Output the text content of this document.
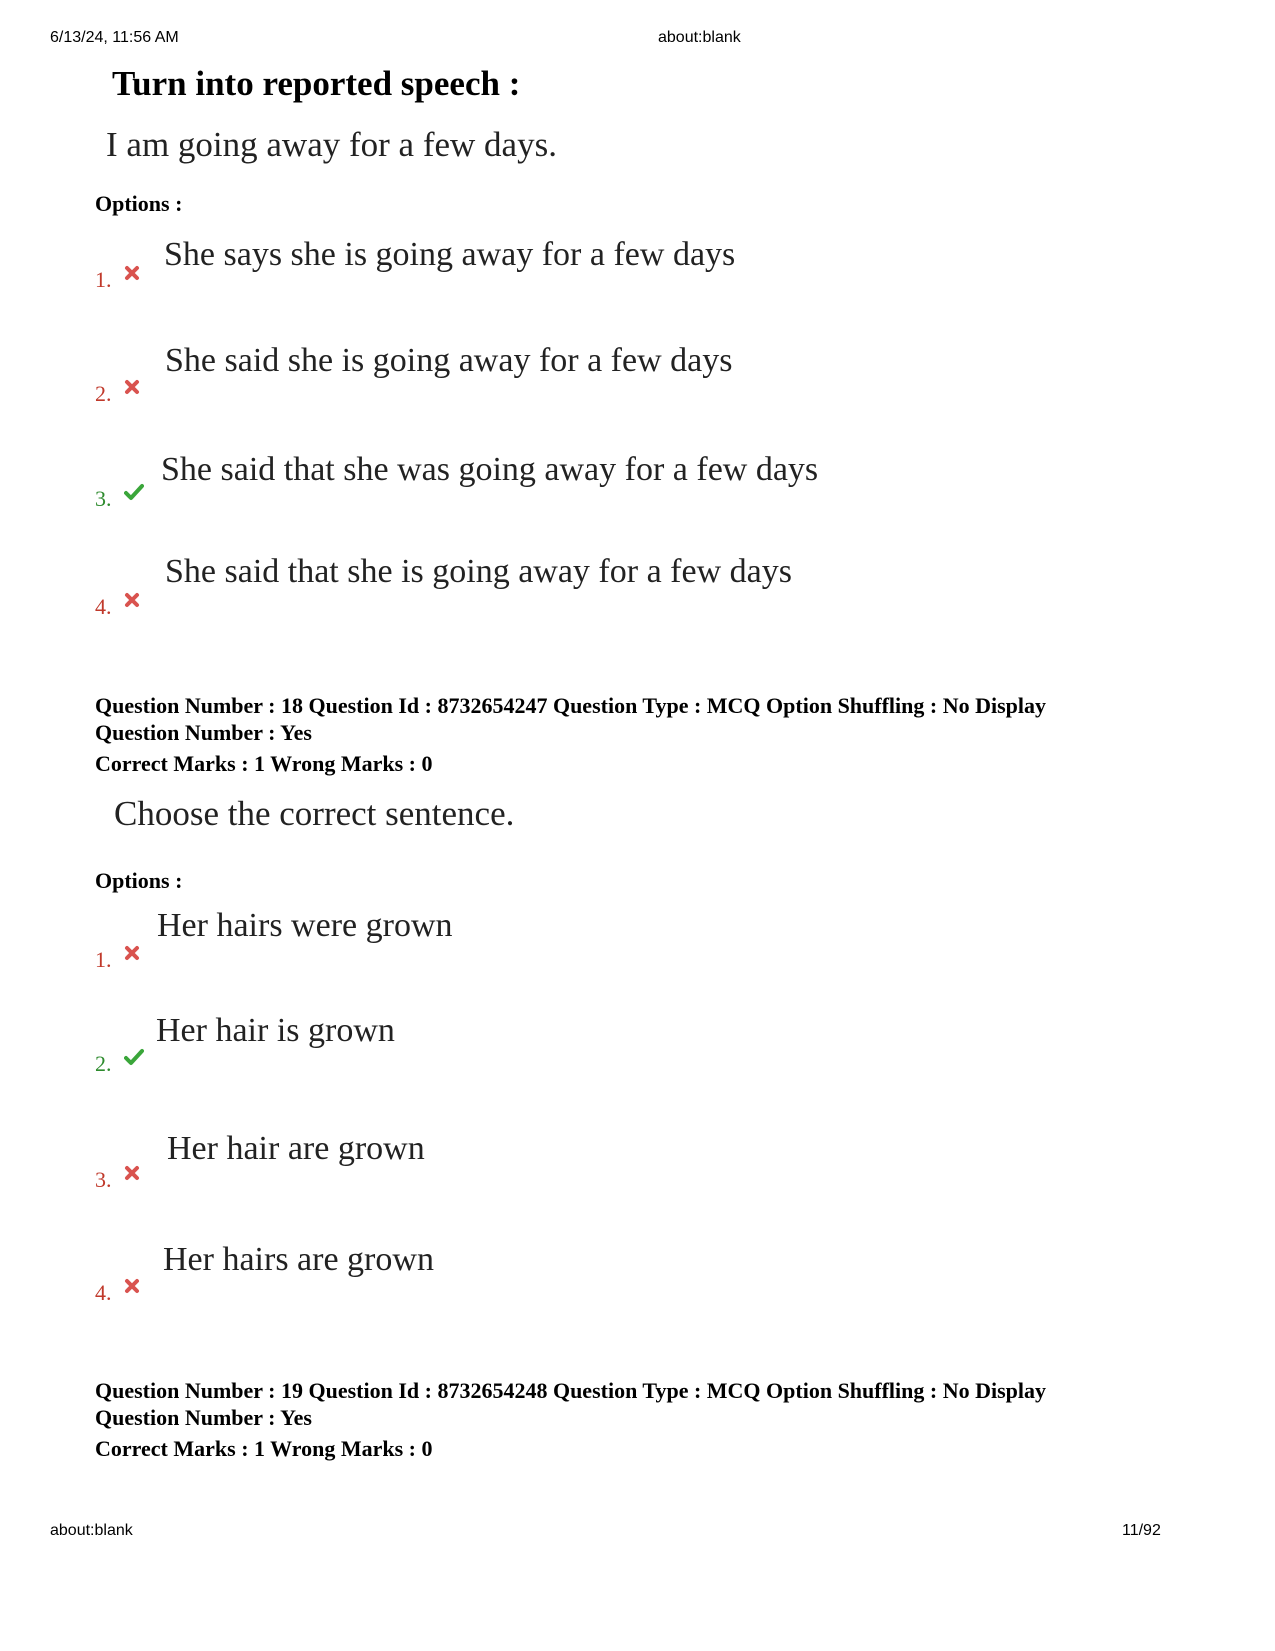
6/13/24, 11:56 AM	about:blank
Turn into reported speech :
I am going away for a few days.
Options :
1.
She says she is going away for a few days
2.
She said she is going away for a few days
3.
She said that she was going away for a few days
4.
She said that she is going away for a few days
Question Number : 18 Question Id : 8732654247 Question Type : MCQ Option Shuffling : No Display
Question Number : Yes
Correct Marks : 1 Wrong Marks : 0
Choose the correct sentence.
Options :
1.
Her hairs were grown
2.
Her hair is grown
3.
Her hair are grown
4.
Her hairs are grown
Question Number : 19 Question Id : 8732654248 Question Type : MCQ Option Shuffling : No Display
Question Number : Yes
Correct Marks : 1 Wrong Marks : 0
about:blank	11/92
